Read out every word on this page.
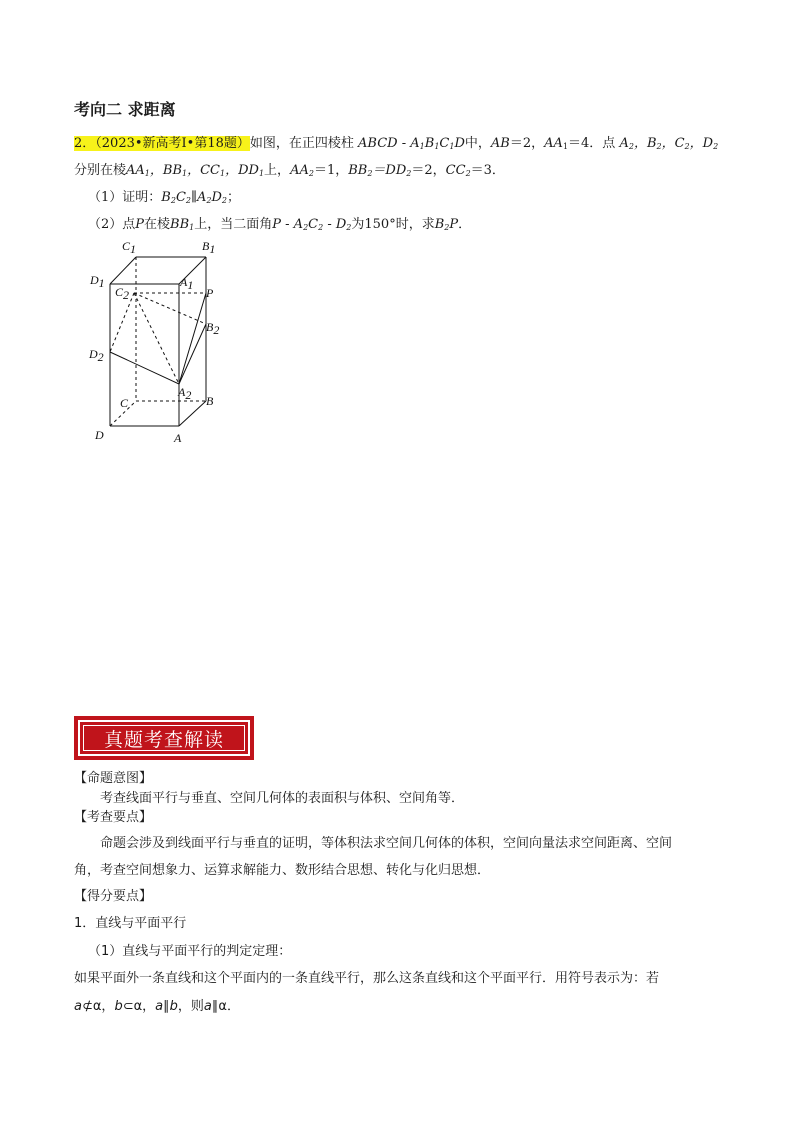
考向二 求距离
2．（2023•新高考Ⅰ•第18题）如图，在正四棱柱 ABCD - $A_1B_1C_1D$中，AB＝2，$AA_1=4$．点 $A_2$，$B_2$，$C_2$，$D_2$
分别在棱$AA_1$，$BB_1$，$CC_1$，$DD_1$上，$AA_2=1$，$BB_2=DD_2=2$，$CC_2=3$．
（1）证明：$B_2C_2\parallel A_2D_2$；
（2）点P在棱$BB_1$上，当二面角P - $A_2C_2 - D_2$为150°时，求$B_2P$．
C1	B1
D1	A1
C2	P
B2
D2
A2
C	B
D	A
真题考查解读
【命题意图】
考查线面平行与垂直、空间几何体的表面积与体积、空间角等．
【考查要点】
命题会涉及到线面平行与垂直的证明，等体积法求空间几何体的体积，空间向量法求空间距离、空间
角，考查空间想象力、运算求解能力、数形结合思想、转化与化归思想．
【得分要点】
1．直线与平面平行
（1）直线与平面平行的判定定理：
如果平面外一条直线和这个平面内的一条直线平行，那么这条直线和这个平面平行．用符号表示为：若
a⊄α，b⊂α，a∥b，则a∥α．
